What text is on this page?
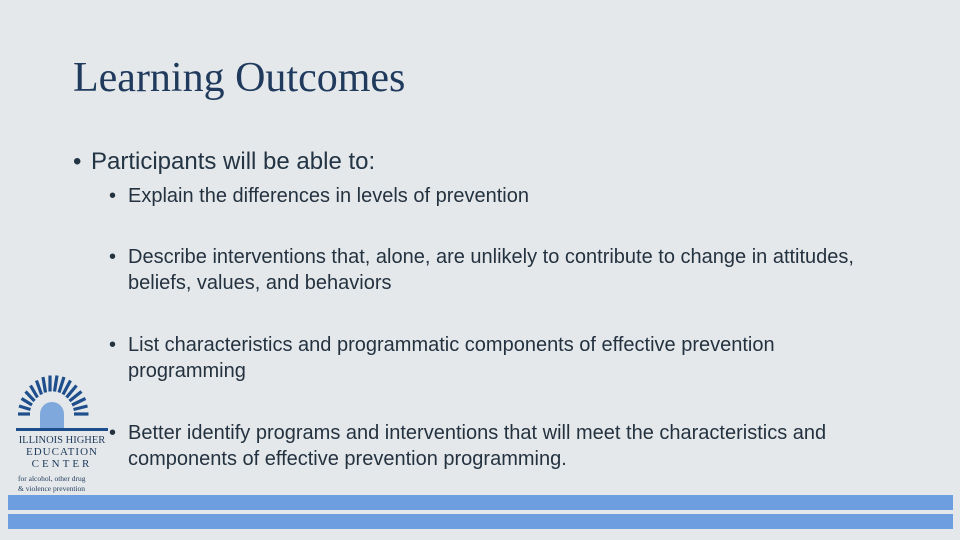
Learning Outcomes
• Participants will be able to:
• Explain the differences in levels of prevention
• Describe interventions that, alone, are unlikely to contribute to change in attitudes, beliefs, values, and behaviors
• List characteristics and programmatic components of effective prevention programming
• Better identify programs and interventions that will meet the characteristics and components of effective prevention programming.
ILLINOIS HIGHER
EDUCATION
CENTER
for alcohol, other drug
& violence prevention
